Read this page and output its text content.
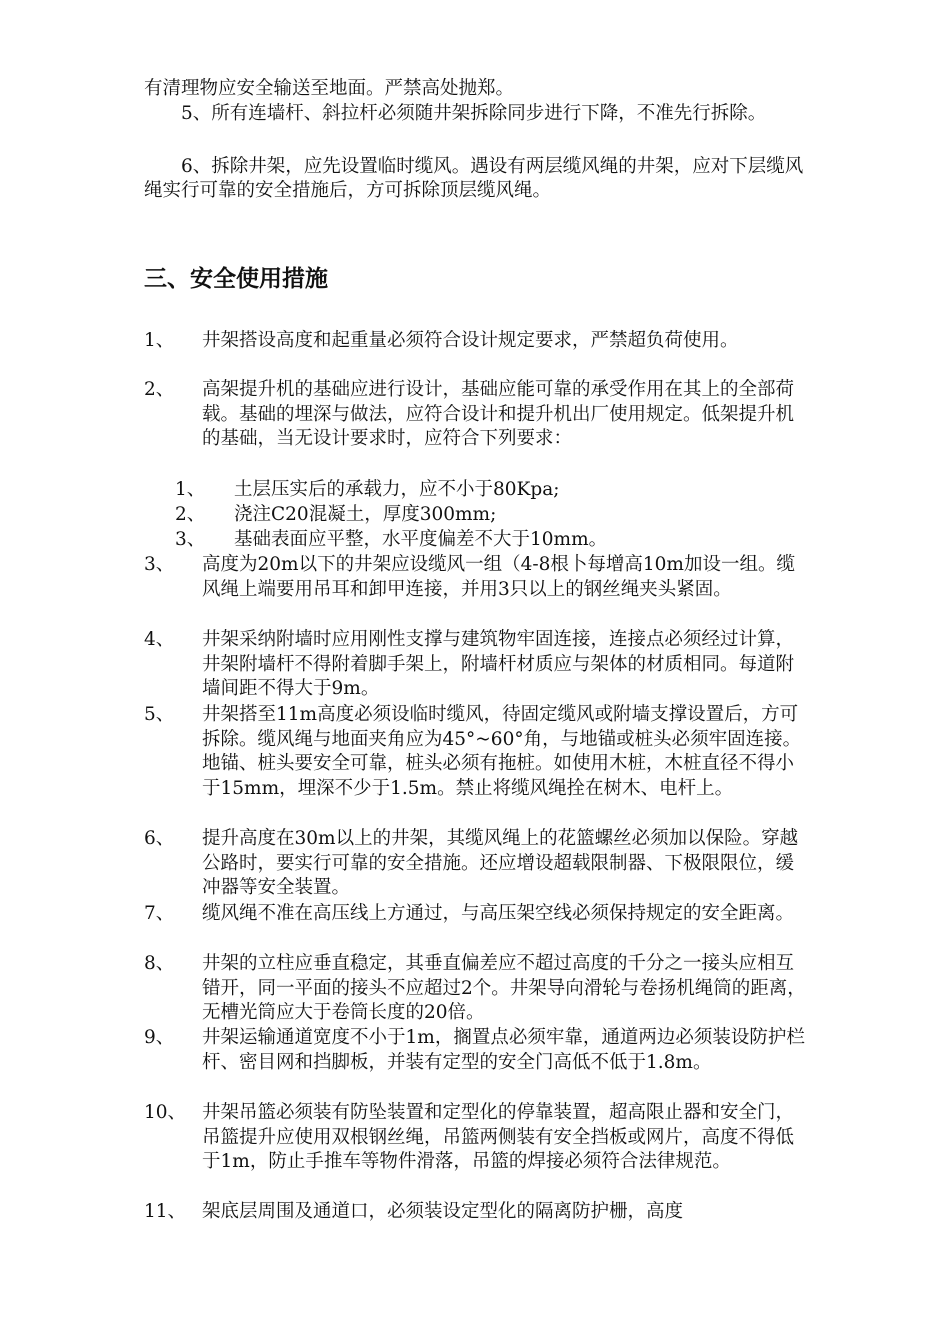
有清理物应安全输送至地面。严禁高处抛郑。

　　5、所有连墙杆、斜拉杆必须随井架拆除同步进行下降，不准先行拆除。

　　6、拆除井架，应先设置临时缆风。遇设有两层缆风绳的井架，应对下层缆风绳实行可靠的安全措施后，方可拆除顶层缆风绳。

三、安全使用措施
1、	井架搭设高度和起重量必须符合设计规定要求，严禁超负荷使用。
2、	高架提升机的基础应进行设计，基础应能可靠的承受作用在其上的全部荷载。基础的埋深与做法，应符合设计和提升机出厂使用规定。低架提升机的基础，当无设计要求时，应符合下列要求：
1、 土层压实后的承载力，应不小于80Kpa;
2、 浇注C20混凝土，厚度300mm;
3、 基础表面应平整，水平度偏差不大于10mm。
3、	高度为20m以下的井架应设缆风一组（4-8根卜每增高10m加设一组。缆风绳上端要用吊耳和卸甲连接，并用3只以上的钢丝绳夹头紧固。
4、	井架采纳附墙时应用刚性支撑与建筑物牢固连接，连接点必须经过计算，井架附墙杆不得附着脚手架上，附墙杆材质应与架体的材质相同。每道附墙间距不得大于9m。
5、	井架搭至11m高度必须设临时缆风，待固定缆风或附墙支撑设置后，方可拆除。缆风绳与地面夹角应为45°~60°角，与地锚或桩头必须牢固连接。地锚、桩头要安全可靠，桩头必须有拖桩。如使用木桩，木桩直径不得小于15mm，埋深不少于1.5m。禁止将缆风绳拴在树木、电杆上。
6、	提升高度在30m以上的井架，其缆风绳上的花篮螺丝必须加以保险。穿越公路时，要实行可靠的安全措施。还应增设超载限制器、下极限限位，缓冲器等安全装置。
7、	缆风绳不准在高压线上方通过，与高压架空线必须保持规定的安全距离。
8、	井架的立柱应垂直稳定，其垂直偏差应不超过高度的千分之一接头应相互错开，同一平面的接头不应超过2个。井架导向滑轮与卷扬机绳筒的距离，无槽光筒应大于卷筒长度的20倍。
9、	井架运输通道宽度不小于1m，搁置点必须牢靠，通道两边必须装设防护栏杆、密目网和挡脚板，并装有定型的安全门高低不低于1.8m。
10、 井架吊篮必须装有防坠装置和定型化的停靠装置，超高限止器和安全门，吊篮提升应使用双根钢丝绳，吊篮两侧装有安全挡板或网片，高度不得低于1m，防止手推车等物件滑落，吊篮的焊接必须符合法律规范。
11、 架底层周围及通道口，必须装设定型化的隔离防护栅，高度
